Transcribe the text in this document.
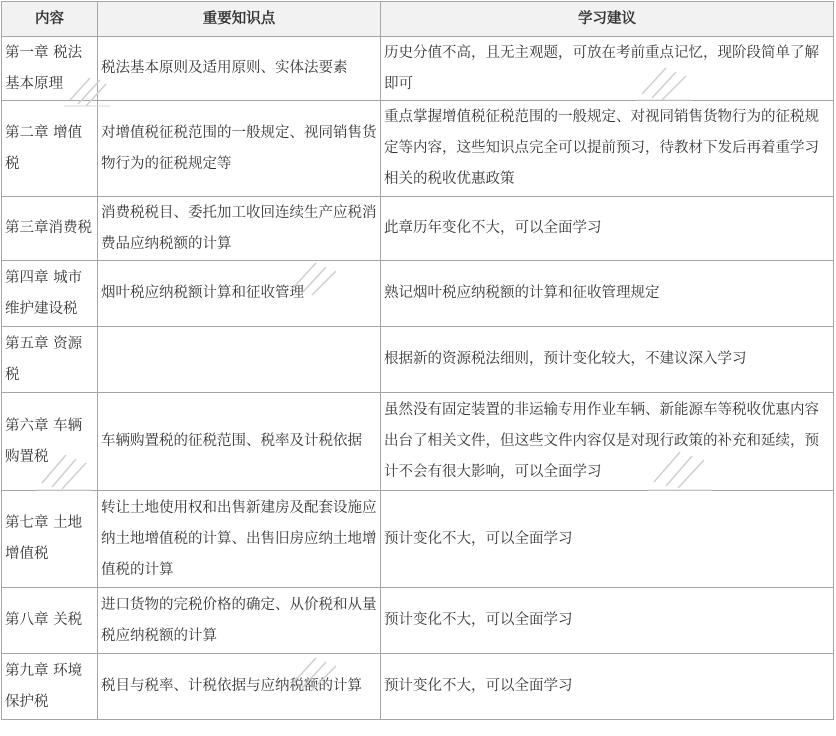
内容	重要知识点	学习建议
第一章 税法基本原理	税法基本原则及适用原则、实体法要素	历史分值不高，且无主观题，可放在考前重点记忆，现阶段简单了解即可
第二章 增值税	对增值税征税范围的一般规定、视同销售货物行为的征税规定等	重点掌握增值税征税范围的一般规定、对视同销售货物行为的征税规定等内容，这些知识点完全可以提前预习，待教材下发后再着重学习相关的税收优惠政策
第三章消费税	消费税税目、委托加工收回连续生产应税消费品应纳税额的计算	此章历年变化不大，可以全面学习
第四章 城市维护建设税	烟叶税应纳税额计算和征收管理	熟记烟叶税应纳税额的计算和征收管理规定
第五章 资源税		根据新的资源税法细则，预计变化较大，不建议深入学习
第六章 车辆购置税	车辆购置税的征税范围、税率及计税依据	虽然没有固定装置的非运输专用作业车辆、新能源车等税收优惠内容出台了相关文件，但这些文件内容仅是对现行政策的补充和延续，预计不会有很大影响，可以全面学习
第七章 土地增值税	转让土地使用权和出售新建房及配套设施应纳土地增值税的计算、出售旧房应纳土地增值税的计算	预计变化不大，可以全面学习
第八章 关税	进口货物的完税价格的确定、从价税和从量税应纳税额的计算	预计变化不大，可以全面学习
第九章 环境保护税	税目与税率、计税依据与应纳税额的计算	预计变化不大，可以全面学习
